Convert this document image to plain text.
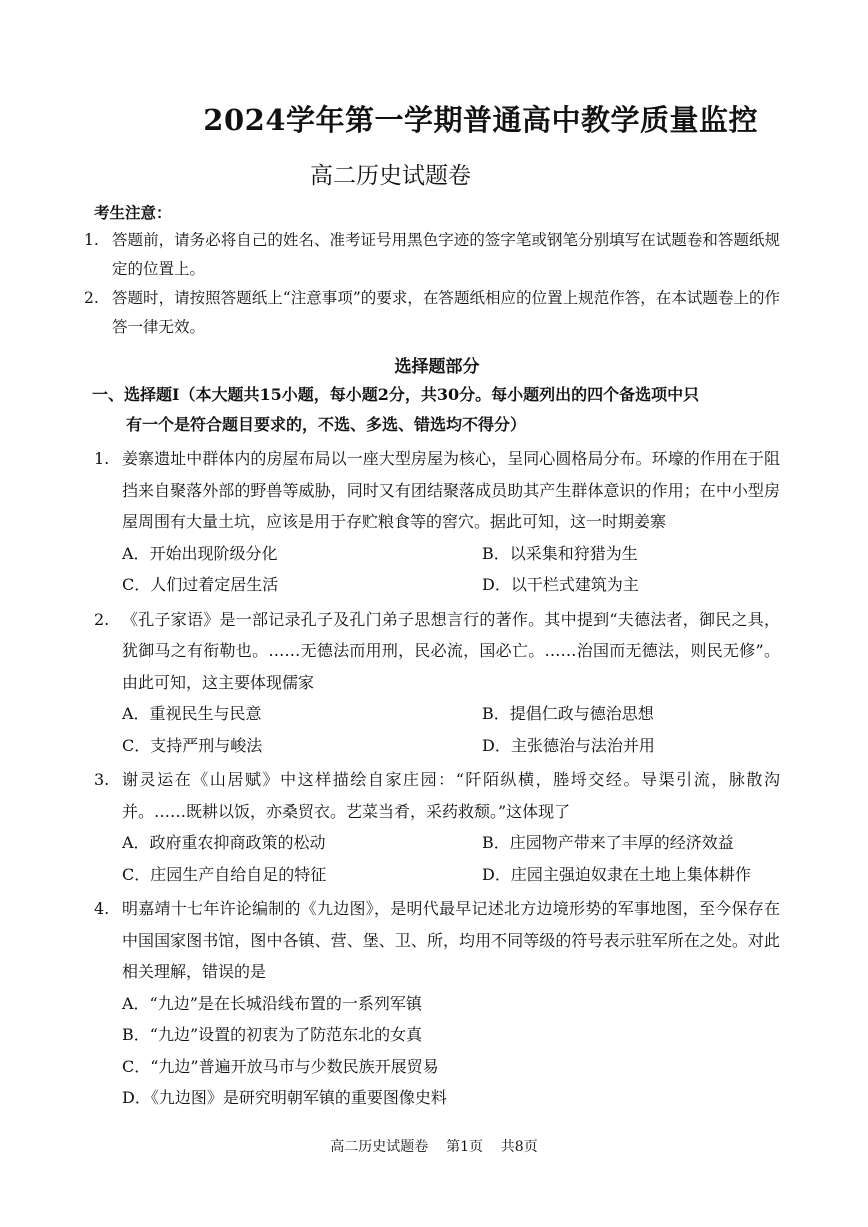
2024学年第一学期普通高中教学质量监控
高二历史试题卷
考生注意：
1. 答题前，请务必将自己的姓名、准考证号用黑色字迹的签字笔或钢笔分别填写在试题卷和答题纸规定的位置上。
2. 答题时，请按照答题纸上“注意事项”的要求，在答题纸相应的位置上规范作答，在本试题卷上的作答一律无效。
选择题部分
一、选择题Ⅰ（本大题共15小题，每小题2分，共30分。每小题列出的四个备选项中只
有一个是符合题目要求的，不选、多选、错选均不得分）
1. 姜寨遗址中群体内的房屋布局以一座大型房屋为核心，呈同心圆格局分布。环壕的作用在于阻挡来自聚落外部的野兽等威胁，同时又有团结聚落成员助其产生群体意识的作用；在中小型房屋周围有大量土坑，应该是用于存贮粮食等的窖穴。据此可知，这一时期姜寨
A．开始出现阶级分化	B．以采集和狩猎为生
C．人们过着定居生活	D．以干栏式建筑为主
2. 《孔子家语》是一部记录孔子及孔门弟子思想言行的著作。其中提到“夫德法者，御民之具，犹御马之有衔勒也。……无德法而用刑，民必流，国必亡。……治国而无德法，则民无修”。由此可知，这主要体现儒家
A．重视民生与民意	B．提倡仁政与德治思想
C．支持严刑与峻法	D．主张德治与法治并用
3. 谢灵运在《山居赋》中这样描绘自家庄园：“阡陌纵横，塍埒交经。导渠引流，脉散沟并。……既耕以饭，亦桑贸衣。艺菜当肴，采药救颓。”这体现了
A．政府重农抑商政策的松动	B．庄园物产带来了丰厚的经济效益
C．庄园生产自给自足的特征	D．庄园主强迫奴隶在土地上集体耕作
4. 明嘉靖十七年许论编制的《九边图》，是明代最早记述北方边境形势的军事地图，至今保存在中国国家图书馆，图中各镇、营、堡、卫、所，均用不同等级的符号表示驻军所在之处。对此相关理解，错误的是
A．“九边”是在长城沿线布置的一系列军镇
B．“九边”设置的初衷为了防范东北的女真
C．“九边”普遍开放马市与少数民族开展贸易
D．《九边图》是研究明朝军镇的重要图像史料
高二历史试题卷    第1页    共8页
